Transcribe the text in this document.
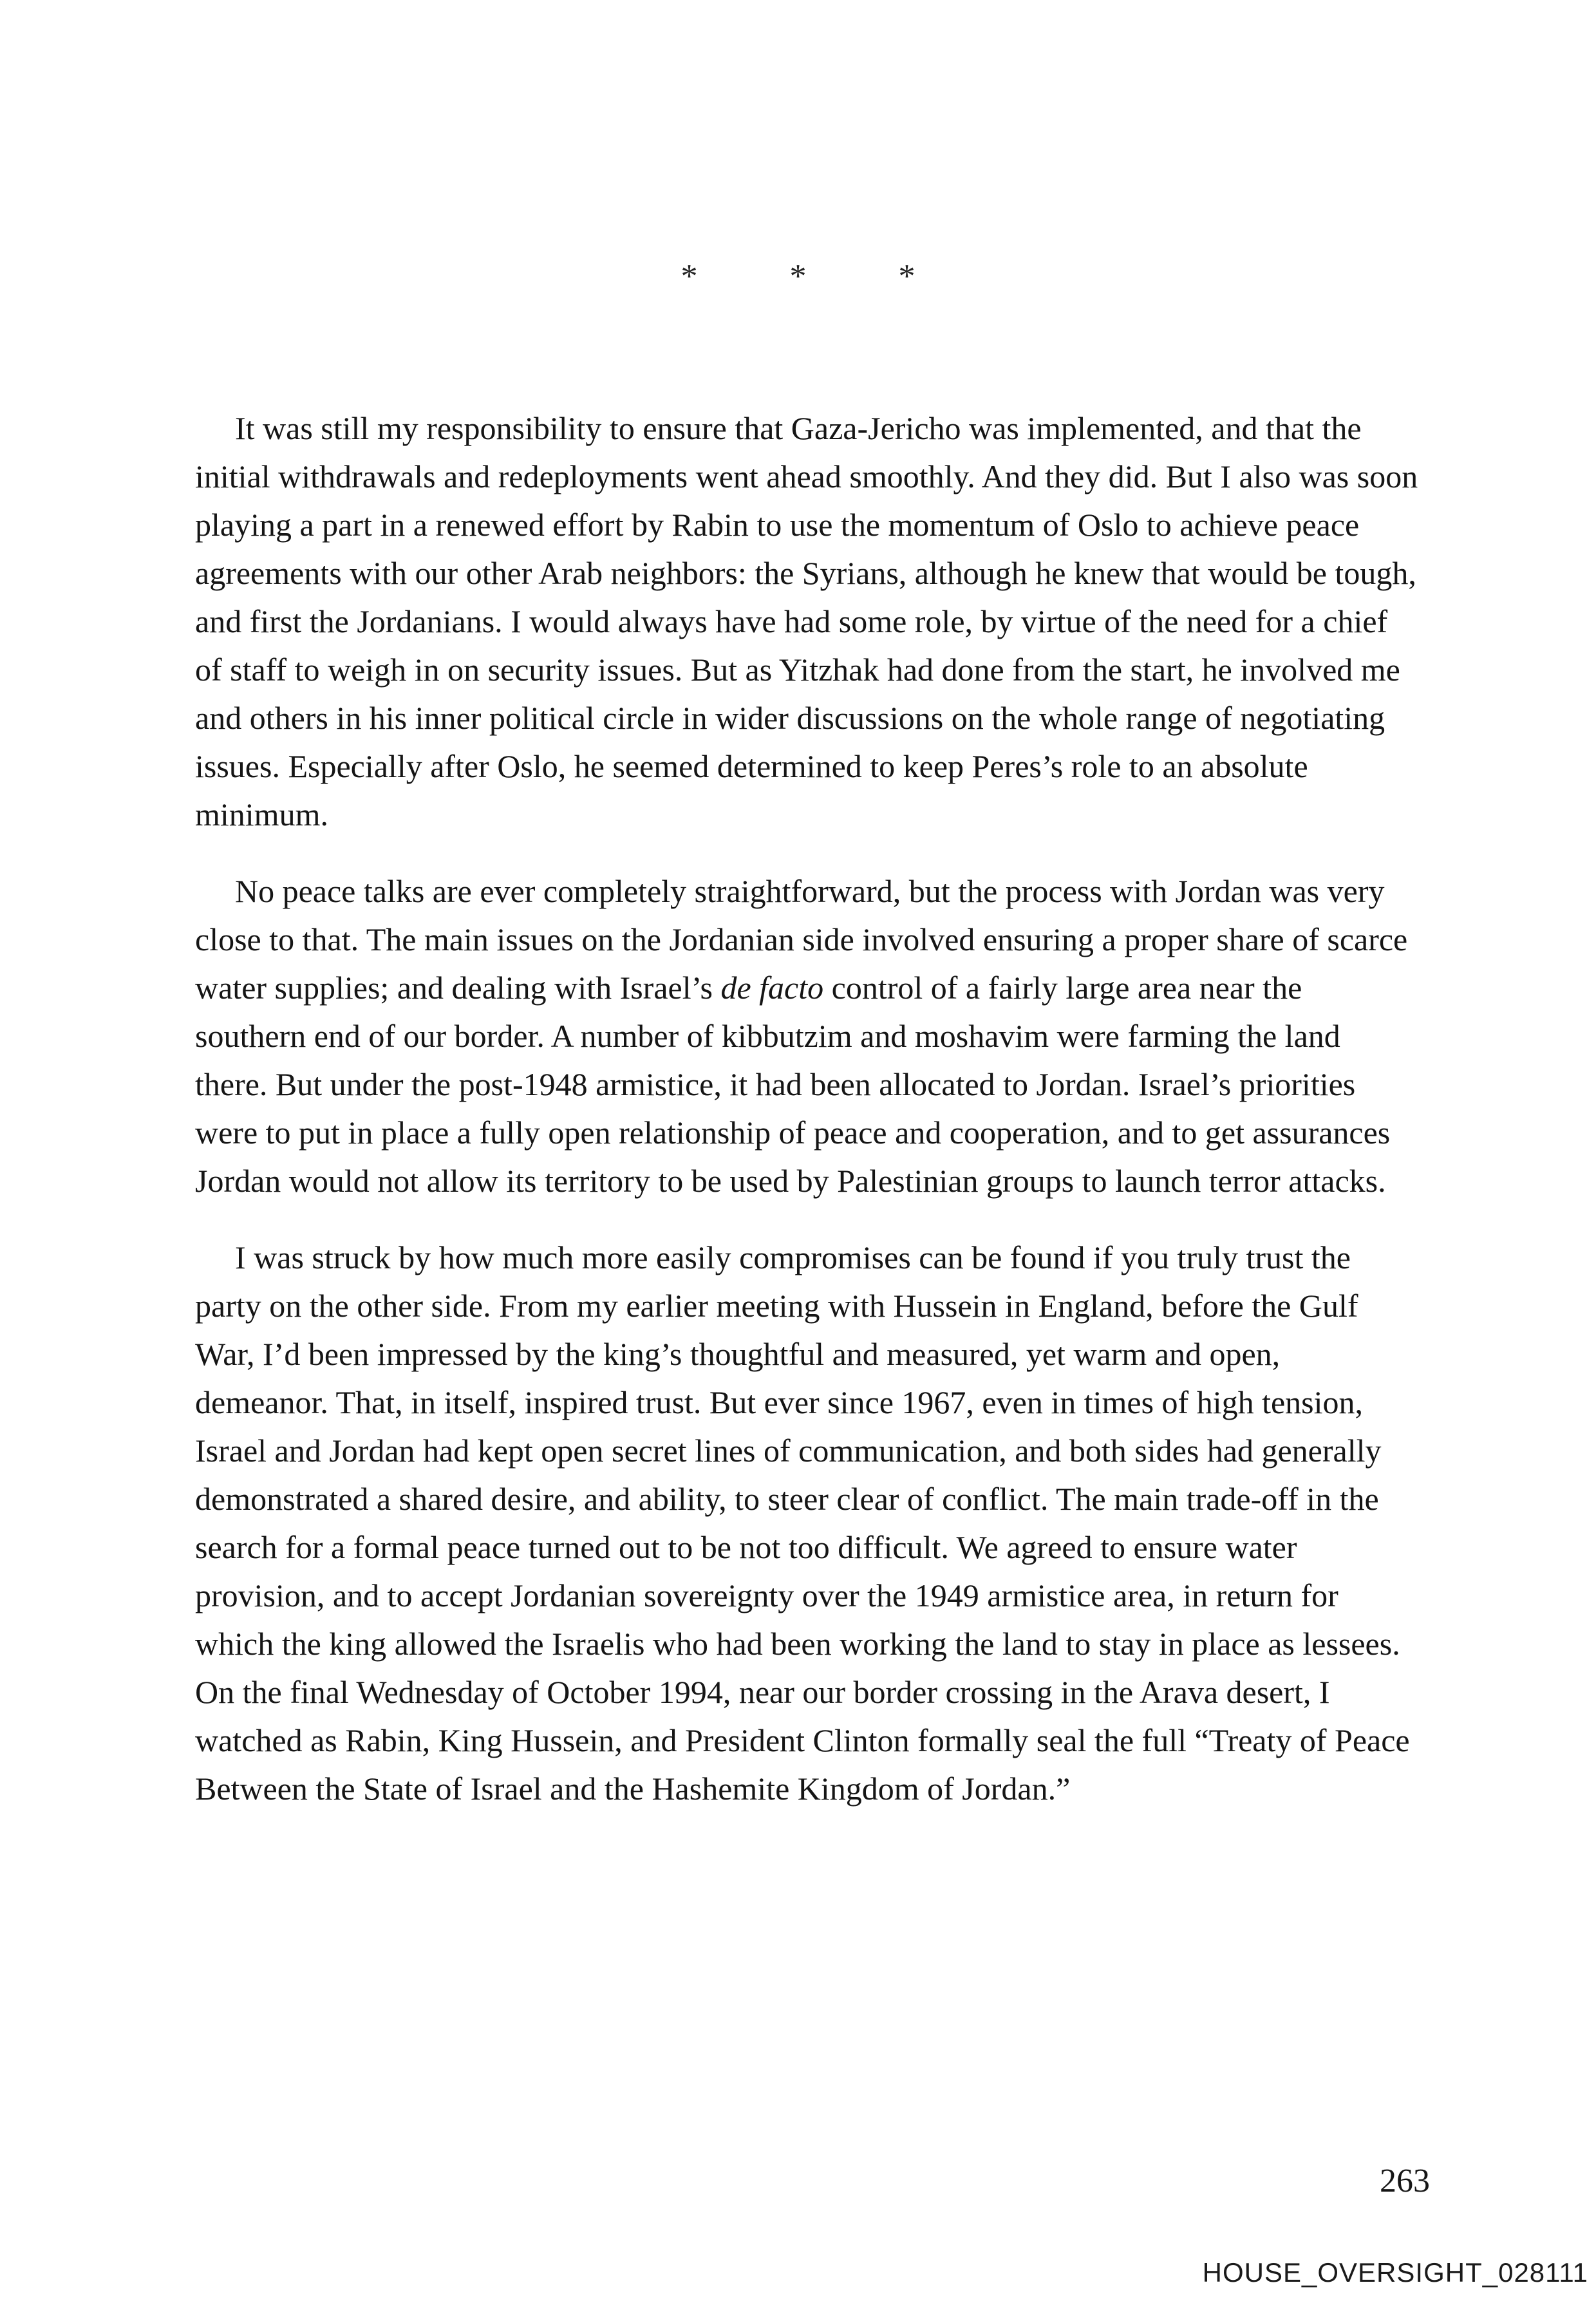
* * *

It was still my responsibility to ensure that Gaza-Jericho was implemented, and that the initial withdrawals and redeployments went ahead smoothly. And they did. But I also was soon playing a part in a renewed effort by Rabin to use the momentum of Oslo to achieve peace agreements with our other Arab neighbors: the Syrians, although he knew that would be tough, and first the Jordanians. I would always have had some role, by virtue of the need for a chief of staff to weigh in on security issues. But as Yitzhak had done from the start, he involved me and others in his inner political circle in wider discussions on the whole range of negotiating issues. Especially after Oslo, he seemed determined to keep Peres’s role to an absolute minimum.

No peace talks are ever completely straightforward, but the process with Jordan was very close to that. The main issues on the Jordanian side involved ensuring a proper share of scarce water supplies; and dealing with Israel’s de facto control of a fairly large area near the southern end of our border. A number of kibbutzim and moshavim were farming the land there. But under the post-1948 armistice, it had been allocated to Jordan. Israel’s priorities were to put in place a fully open relationship of peace and cooperation, and to get assurances Jordan would not allow its territory to be used by Palestinian groups to launch terror attacks.

I was struck by how much more easily compromises can be found if you truly trust the party on the other side. From my earlier meeting with Hussein in England, before the Gulf War, I’d been impressed by the king’s thoughtful and measured, yet warm and open, demeanor. That, in itself, inspired trust. But ever since 1967, even in times of high tension, Israel and Jordan had kept open secret lines of communication, and both sides had generally demonstrated a shared desire, and ability, to steer clear of conflict. The main trade-off in the search for a formal peace turned out to be not too difficult. We agreed to ensure water provision, and to accept Jordanian sovereignty over the 1949 armistice area, in return for which the king allowed the Israelis who had been working the land to stay in place as lessees. On the final Wednesday of October 1994, near our border crossing in the Arava desert, I watched as Rabin, King Hussein, and President Clinton formally seal the full “Treaty of Peace Between the State of Israel and the Hashemite Kingdom of Jordan.”

263
HOUSE_OVERSIGHT_028111
